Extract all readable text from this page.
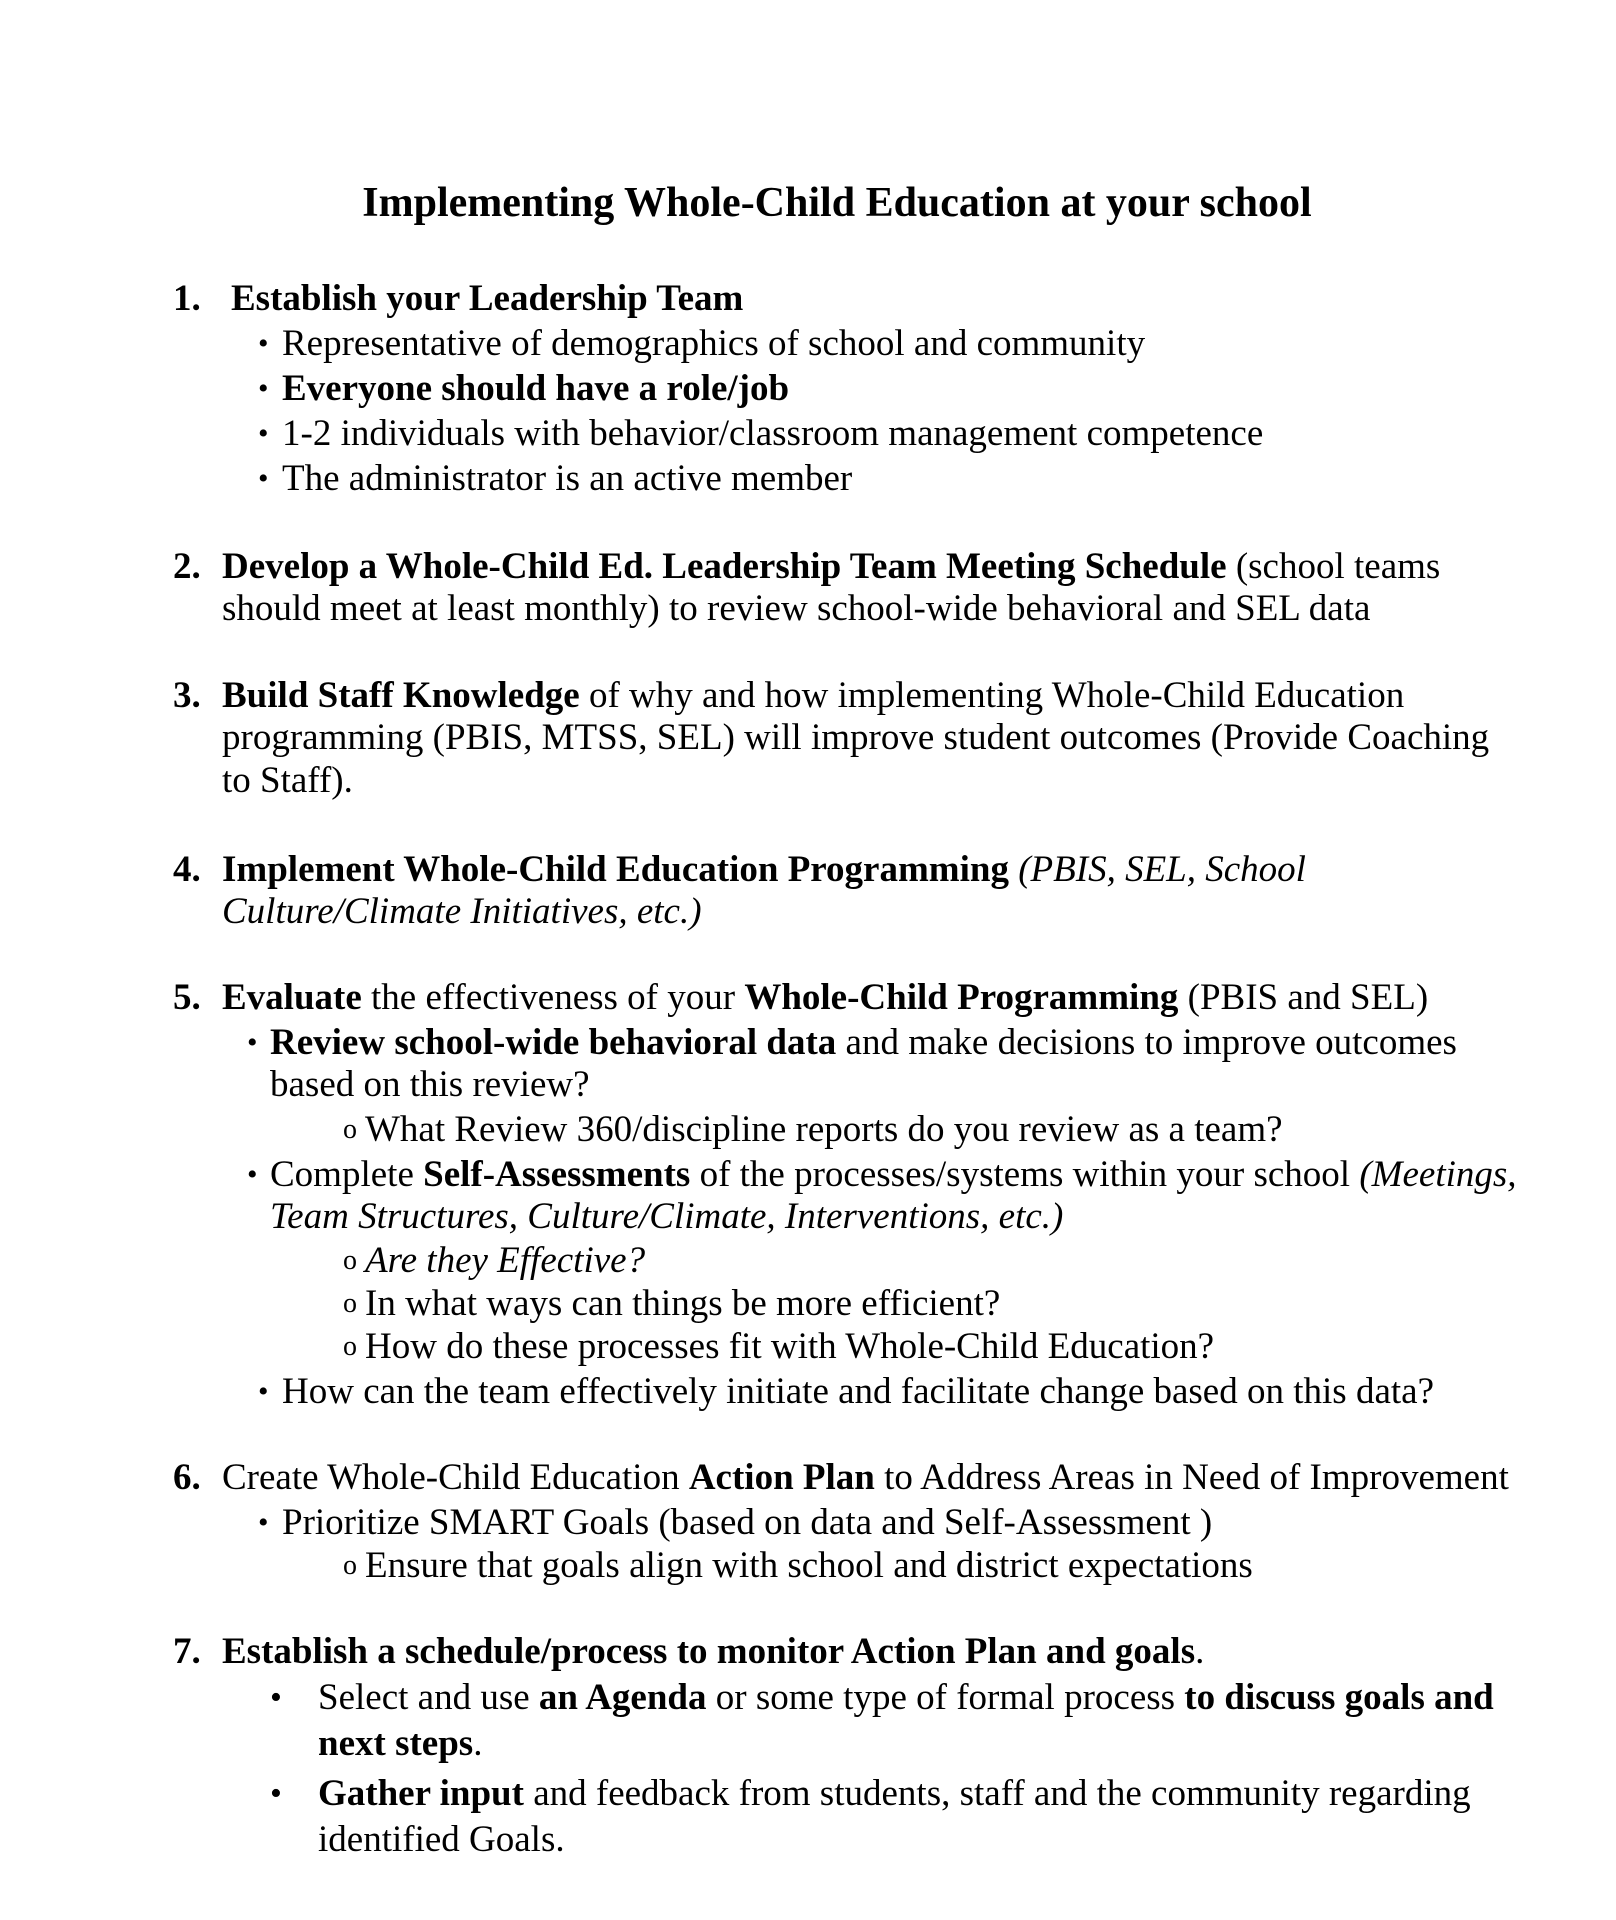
Implementing Whole-Child Education at your school
1. Establish your Leadership Team
• Representative of demographics of school and community
• Everyone should have a role/job
• 1-2 individuals with behavior/classroom management competence
• The administrator is an active member
2. Develop a Whole-Child Ed. Leadership Team Meeting Schedule (school teams
should meet at least monthly) to review school-wide behavioral and SEL data
3. Build Staff Knowledge of why and how implementing Whole-Child Education
programming (PBIS, MTSS, SEL) will improve student outcomes (Provide Coaching
to Staff).
4. Implement Whole-Child Education Programming (PBIS, SEL, School
Culture/Climate Initiatives, etc.)
5. Evaluate the effectiveness of your Whole-Child Programming (PBIS and SEL)
• Review school-wide behavioral data and make decisions to improve outcomes
based on this review?
o What Review 360/discipline reports do you review as a team?
• Complete Self-Assessments of the processes/systems within your school (Meetings,
Team Structures, Culture/Climate, Interventions, etc.)
o Are they Effective?
o In what ways can things be more efficient?
o How do these processes fit with Whole-Child Education?
• How can the team effectively initiate and facilitate change based on this data?
6. Create Whole-Child Education Action Plan to Address Areas in Need of Improvement
• Prioritize SMART Goals (based on data and Self-Assessment )
o Ensure that goals align with school and district expectations
7. Establish a schedule/process to monitor Action Plan and goals.
• Select and use an Agenda or some type of formal process to discuss goals and
next steps.
• Gather input and feedback from students, staff and the community regarding
identified Goals.
